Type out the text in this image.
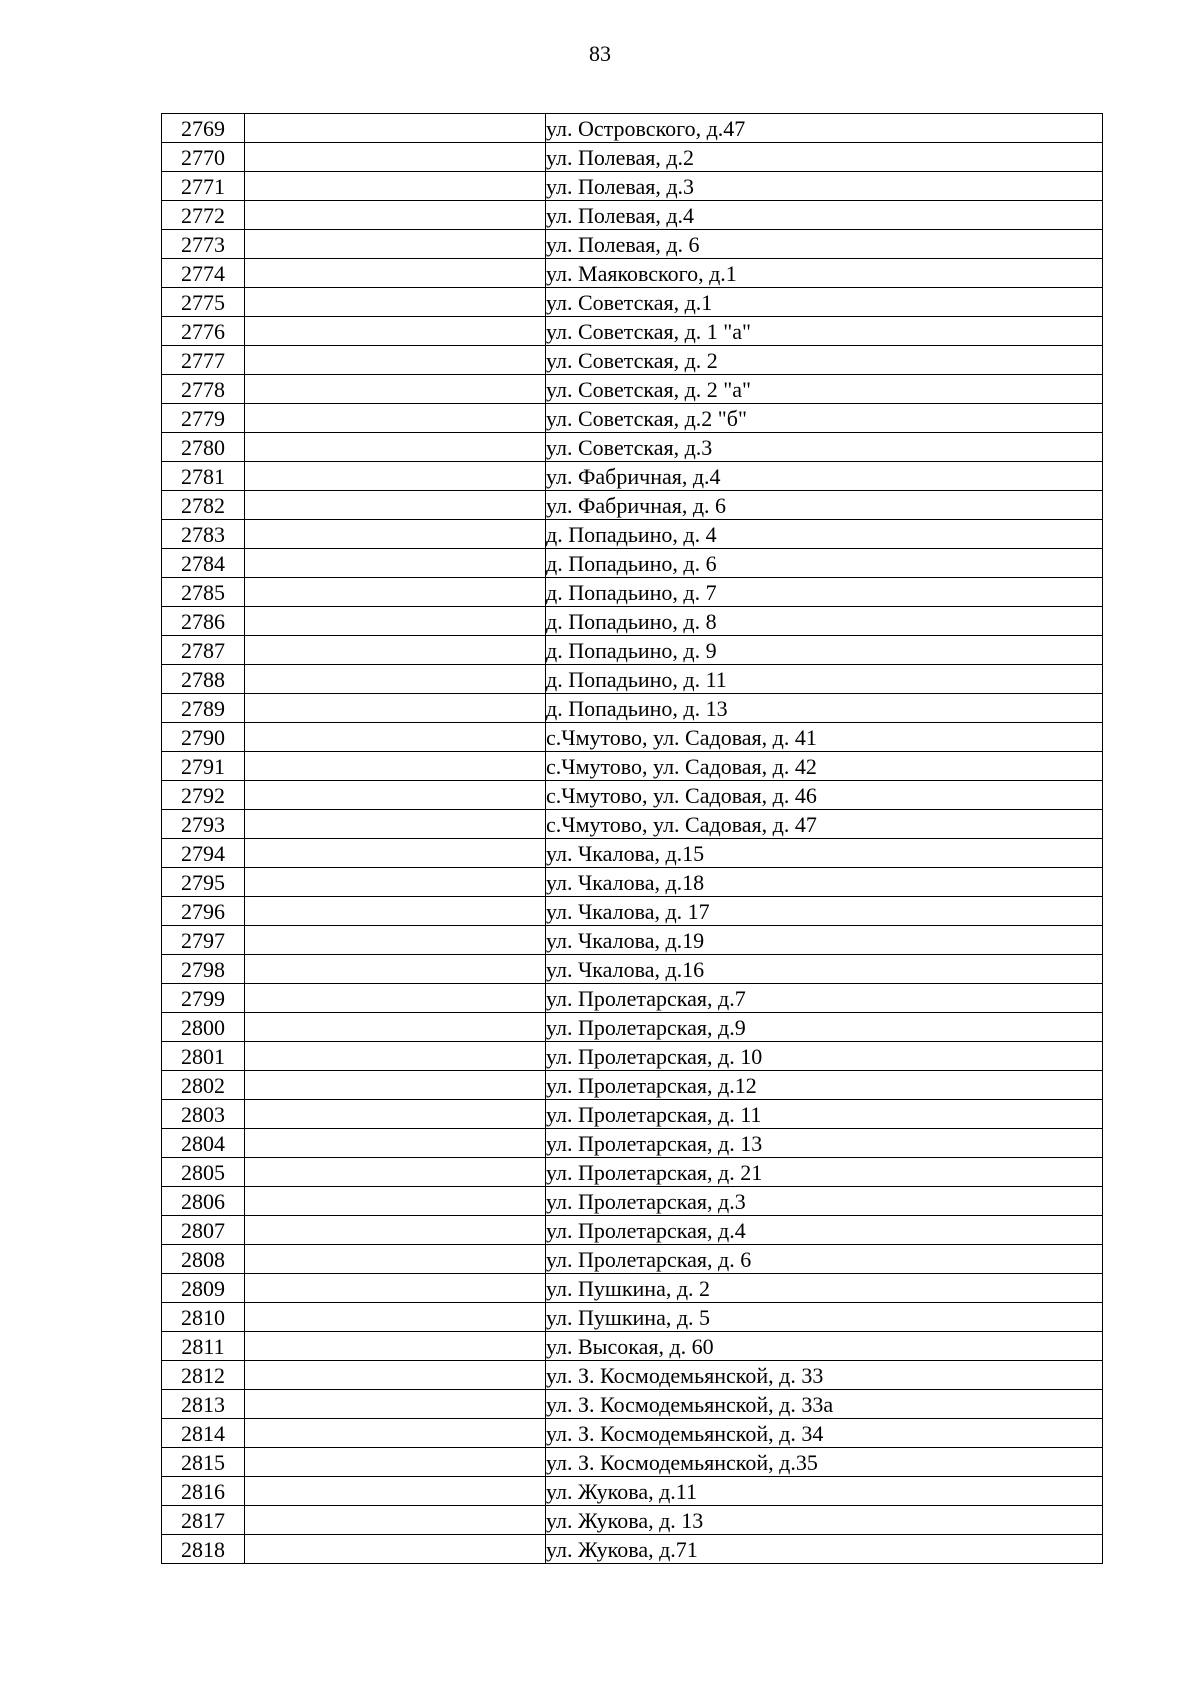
83
2769		ул. Островского, д.47
2770		ул. Полевая, д.2
2771		ул. Полевая, д.3
2772		ул. Полевая, д.4
2773		ул. Полевая, д. 6
2774		ул. Маяковского, д.1
2775		ул. Советская, д.1
2776		ул. Советская, д. 1 "а"
2777		ул. Советская, д. 2
2778		ул. Советская, д. 2 "а"
2779		ул. Советская, д.2 "б"
2780		ул. Советская, д.3
2781		ул. Фабричная, д.4
2782		ул. Фабричная, д. 6
2783		д. Попадьино, д. 4
2784		д. Попадьино, д. 6
2785		д. Попадьино, д. 7
2786		д. Попадьино, д. 8
2787		д. Попадьино, д. 9
2788		д. Попадьино, д. 11
2789		д. Попадьино, д. 13
2790		с.Чмутово, ул. Садовая, д. 41
2791		с.Чмутово, ул. Садовая, д. 42
2792		с.Чмутово, ул. Садовая, д. 46
2793		с.Чмутово, ул. Садовая, д. 47
2794		ул. Чкалова, д.15
2795		ул. Чкалова, д.18
2796		ул. Чкалова, д. 17
2797		ул. Чкалова, д.19
2798		ул. Чкалова, д.16
2799		ул. Пролетарская, д.7
2800		ул. Пролетарская, д.9
2801		ул. Пролетарская, д. 10
2802		ул. Пролетарская, д.12
2803		ул. Пролетарская, д. 11
2804		ул. Пролетарская, д. 13
2805		ул. Пролетарская, д. 21
2806		ул. Пролетарская, д.3
2807		ул. Пролетарская, д.4
2808		ул. Пролетарская, д. 6
2809		ул. Пушкина, д. 2
2810		ул. Пушкина, д. 5
2811		ул. Высокая, д. 60
2812		ул. З. Космодемьянской, д. 33
2813		ул. З. Космодемьянской, д. 33а
2814		ул. З. Космодемьянской, д. 34
2815		ул. З. Космодемьянской, д.35
2816		ул. Жукова, д.11
2817		ул. Жукова, д. 13
2818		ул. Жукова, д.71
